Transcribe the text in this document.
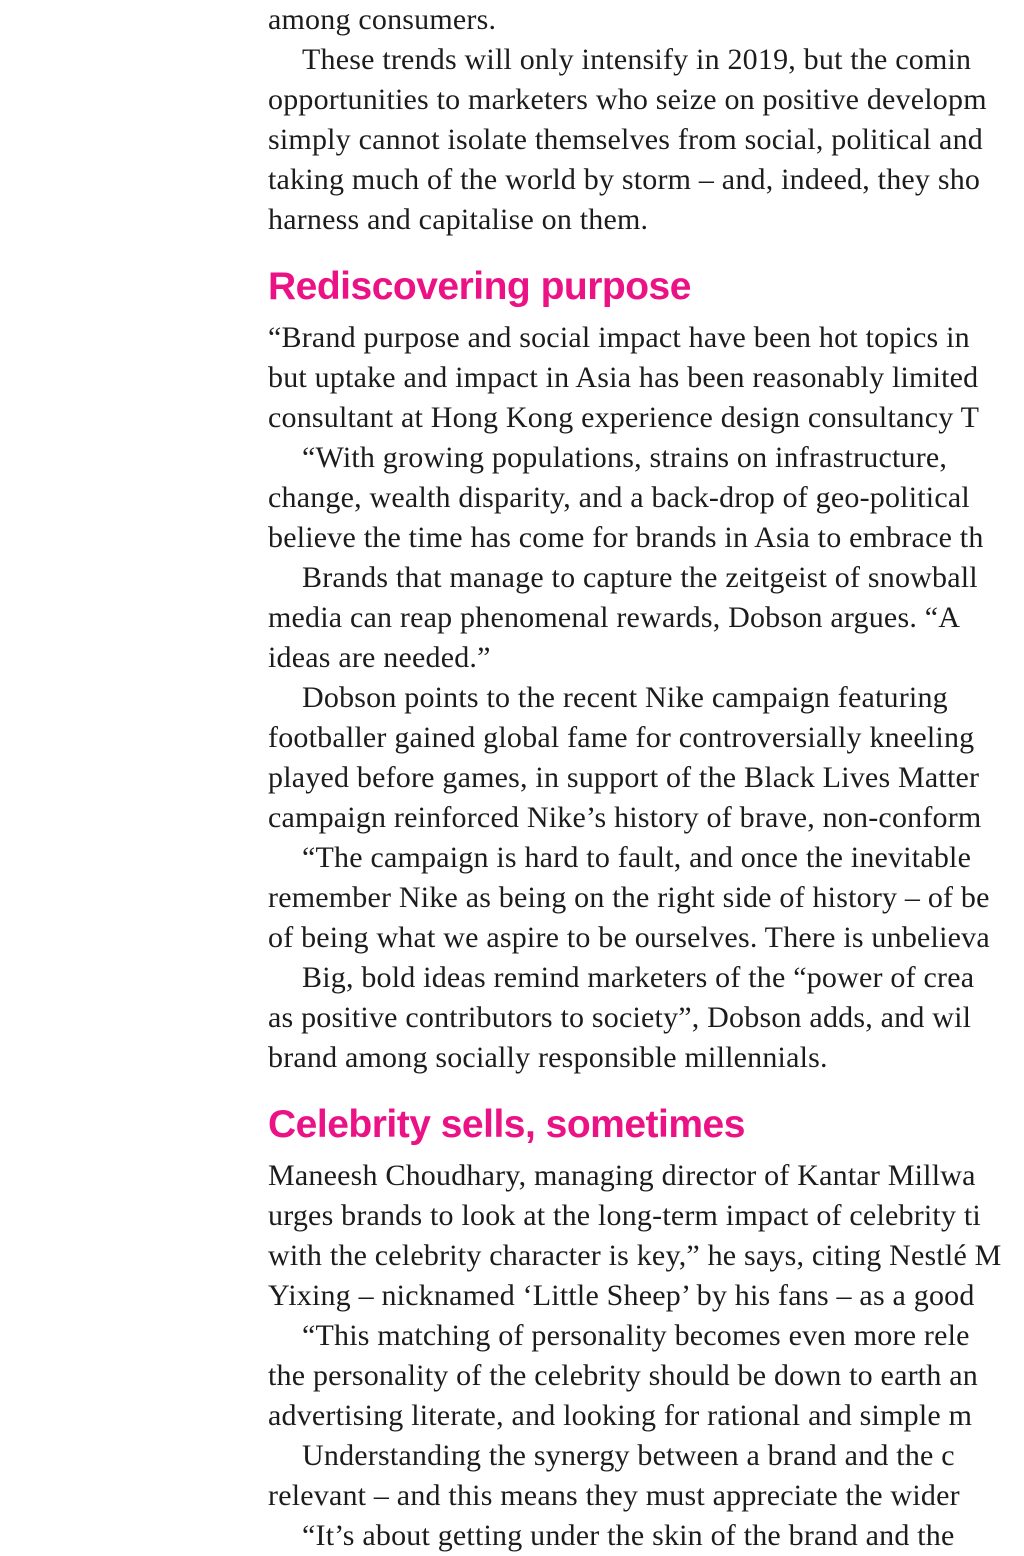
among consumers.
These trends will only intensify in 2019, but the comin
opportunities to marketers who seize on positive developm
simply cannot isolate themselves from social, political and
taking much of the world by storm – and, indeed, they sho
harness and capitalise on them.
Rediscovering purpose
“Brand purpose and social impact have been hot topics in
but uptake and impact in Asia has been reasonably limited
consultant at Hong Kong experience design consultancy T
“With growing populations, strains on infrastructure,
change, wealth disparity, and a back-drop of geo-political
believe the time has come for brands in Asia to embrace th
Brands that manage to capture the zeitgeist of snowball
media can reap phenomenal rewards, Dobson argues. “A
ideas are needed.”
Dobson points to the recent Nike campaign featuring
footballer gained global fame for controversially kneeling
played before games, in support of the Black Lives Matter
campaign reinforced Nike’s history of brave, non-conform
“The campaign is hard to fault, and once the inevitable
remember Nike as being on the right side of history – of be
of being what we aspire to be ourselves. There is unbelieva
Big, bold ideas remind marketers of the “power of crea
as positive contributors to society”, Dobson adds, and wil
brand among socially responsible millennials.
Celebrity sells, sometimes
Maneesh Choudhary, managing director of Kantar Millwa
urges brands to look at the long-term impact of celebrity ti
with the celebrity character is key,” he says, citing Nestlé M
Yixing – nicknamed ‘Little Sheep’ by his fans – as a good
“This matching of personality becomes even more rele
the personality of the celebrity should be down to earth an
advertising literate, and looking for rational and simple m
Understanding the synergy between a brand and the c
relevant – and this means they must appreciate the wider
“It’s about getting under the skin of the brand and the
